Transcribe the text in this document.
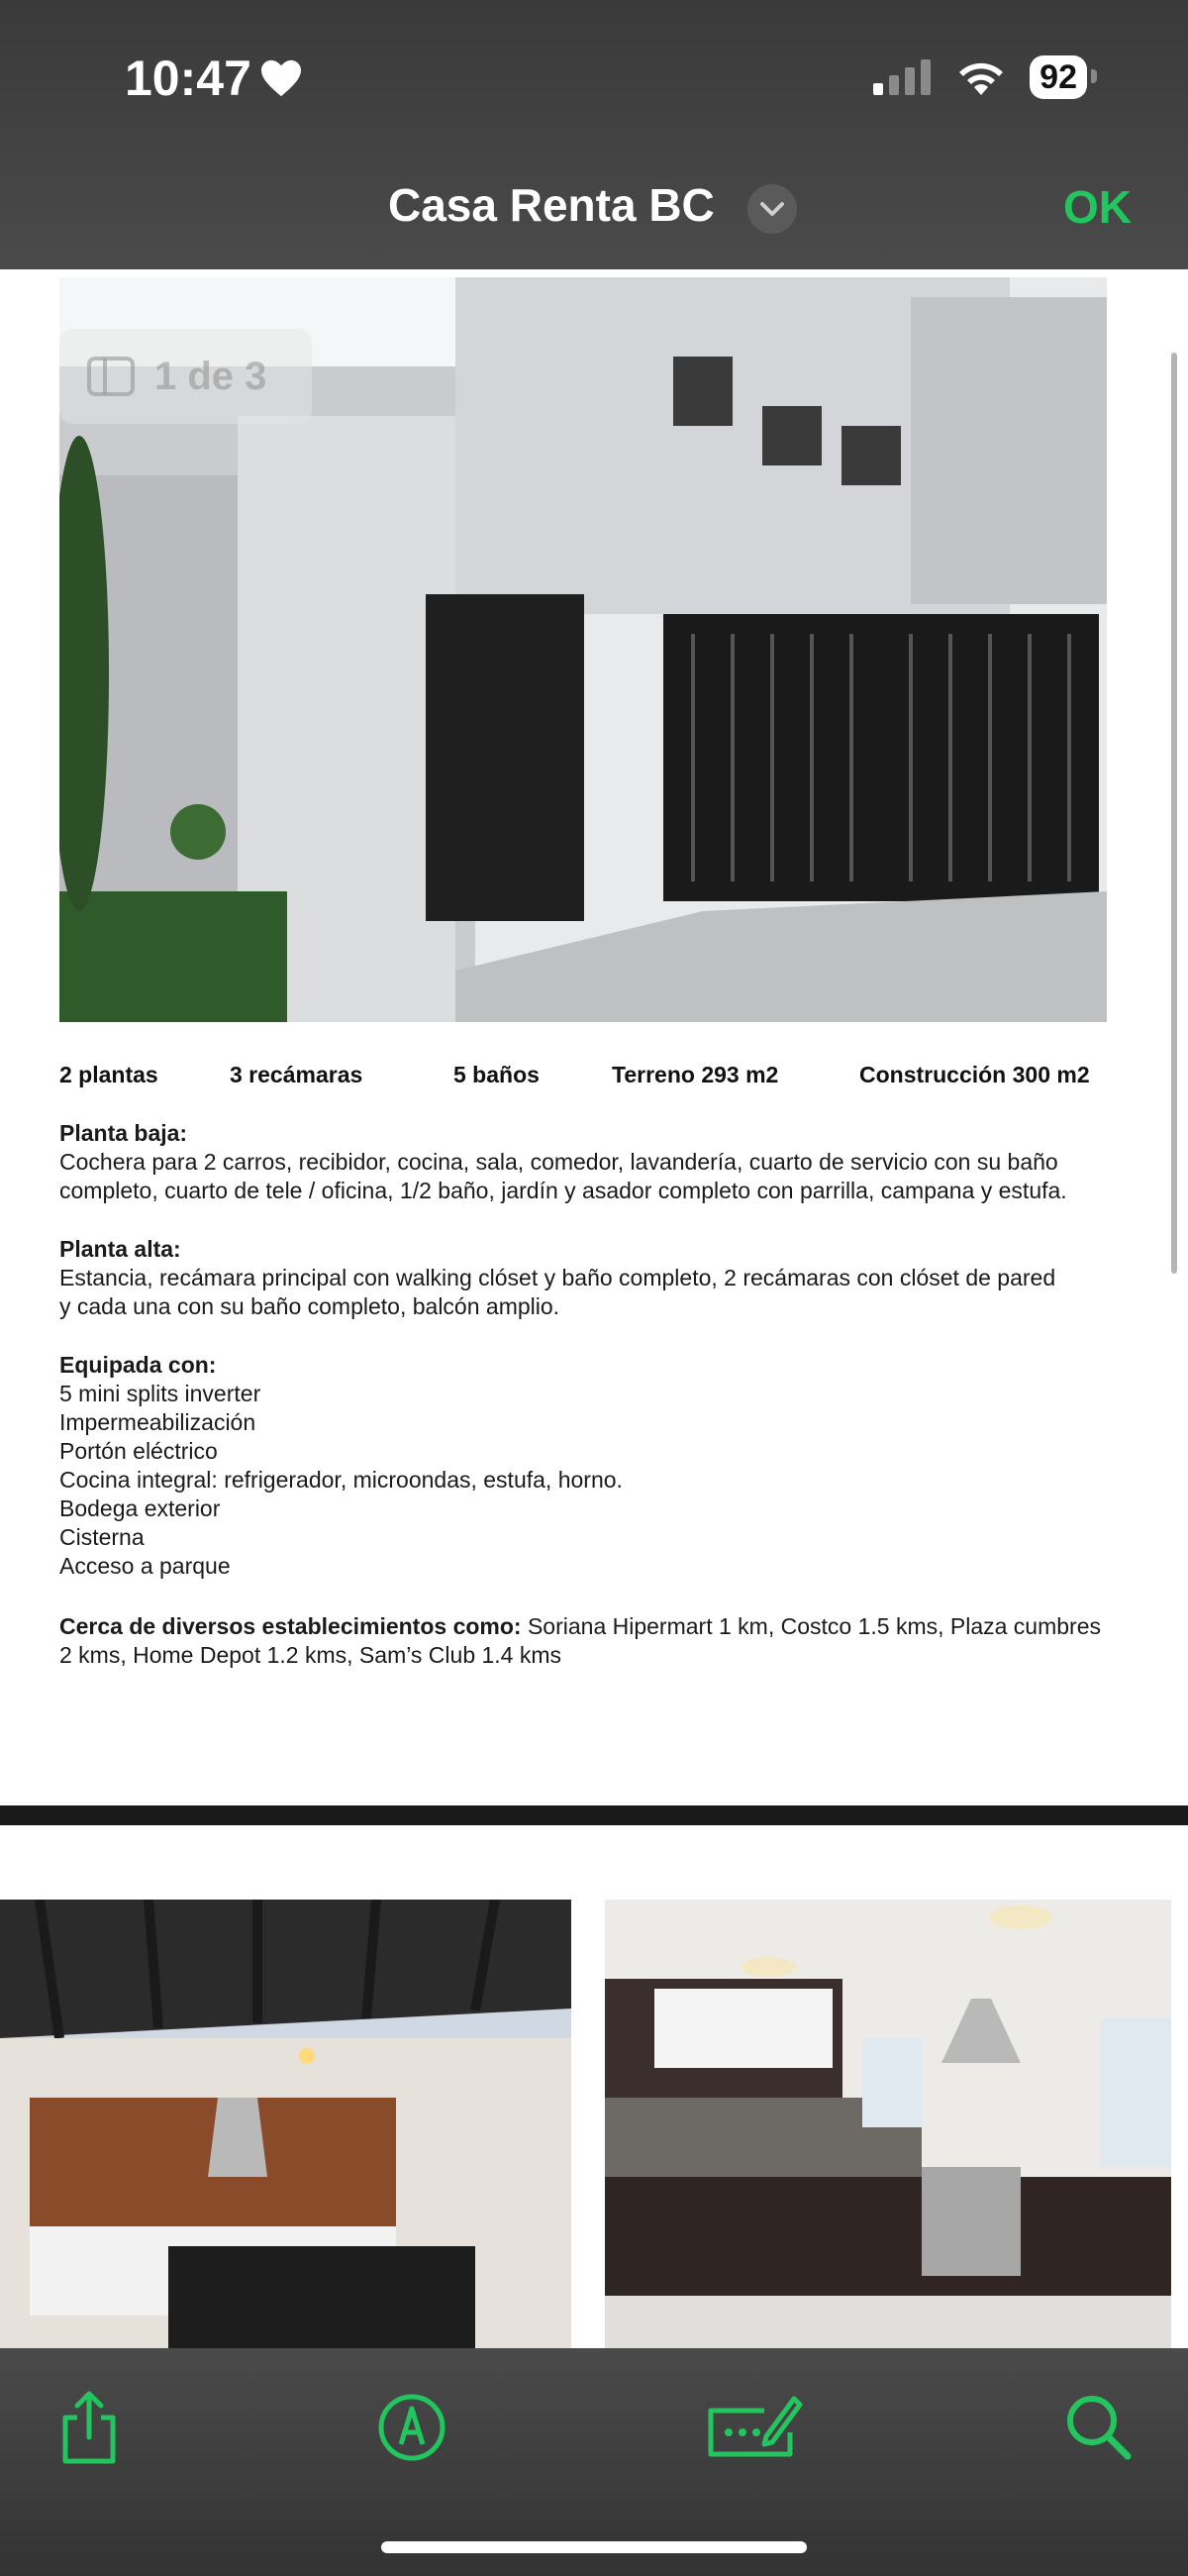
10:47	92
Casa Renta BC	OK
1 de 3
2 plantas	3 recámaras	5 baños	Terreno 293 m2	Construcción 300 m2
Planta baja:
Cochera para 2 carros, recibidor, cocina, sala, comedor, lavandería, cuarto de servicio con su baño
completo, cuarto de tele / oficina, 1/2 baño, jardín y asador completo con parrilla, campana y estufa.
Planta alta:
Estancia, recámara principal con walking clóset y baño completo, 2 recámaras con clóset de pared
y cada una con su baño completo, balcón amplio.
Equipada con:
5 mini splits inverter
Impermeabilización
Portón eléctrico
Cocina integral: refrigerador, microondas, estufa, horno.
Bodega exterior
Cisterna
Acceso a parque
Cerca de diversos establecimientos como: Soriana Hipermart 1 km, Costco 1.5 kms, Plaza cumbres
2 kms, Home Depot 1.2 kms, Sam’s Club 1.4 kms
